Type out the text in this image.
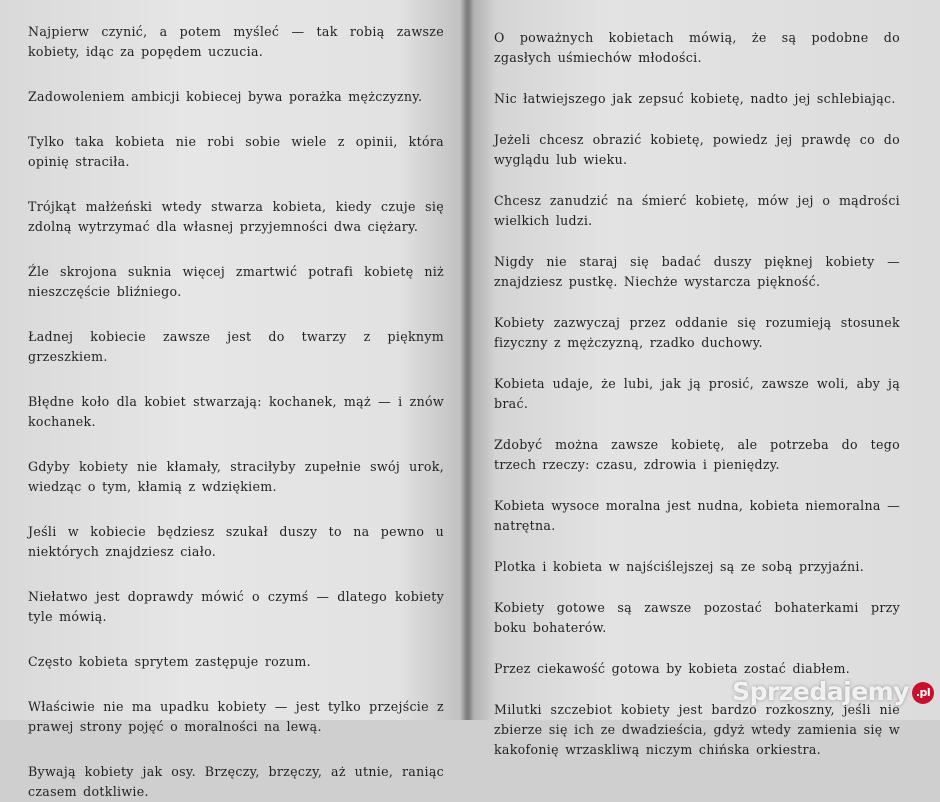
Najpierw czynić, a potem myśleć — tak robią zawsze kobiety, idąc za popędem uczucia.

Zadowoleniem ambicji kobiecej bywa porażka mężczyzny.

Tylko taka kobieta nie robi sobie wiele z opinii, która opinię straciła.

Trójkąt małżeński wtedy stwarza kobieta, kiedy czuje się zdolną wytrzymać dla własnej przyjemności dwa ciężary.

Źle skrojona suknia więcej zmartwić potrafi kobietę niż nieszczęście bliźniego.

Ładnej kobiecie zawsze jest do twarzy z pięknym grzeszkiem.

Błędne koło dla kobiet stwarzają: kochanek, mąż — i znów kochanek.

Gdyby kobiety nie kłamały, straciłyby zupełnie swój urok, wiedząc o tym, kłamią z wdziękiem.

Jeśli w kobiecie będziesz szukał duszy to na pewno u niektórych znajdziesz ciało.

Niełatwo jest doprawdy mówić o czymś — dlatego kobiety tyle mówią.

Często kobieta sprytem zastępuje rozum.

Właściwie nie ma upadku kobiety — jest tylko przejście z prawej strony pojęć o moralności na lewą.

Bywają kobiety jak osy. Brzęczy, brzęczy, aż utnie, raniąc czasem dotkliwie.

O poważnych kobietach mówią, że są podobne do zgasłych uśmiechów młodości.

Nic łatwiejszego jak zepsuć kobietę, nadto jej schlebiając.

Jeżeli chcesz obrazić kobietę, powiedz jej prawdę co do wyglądu lub wieku.

Chcesz zanudzić na śmierć kobietę, mów jej o mądrości wielkich ludzi.

Nigdy nie staraj się badać duszy pięknej kobiety — znajdziesz pustkę. Niechże wystarcza piękność.

Kobiety zazwyczaj przez oddanie się rozumieją stosunek fizyczny z mężczyzną, rzadko duchowy.

Kobieta udaje, że lubi, jak ją prosić, zawsze woli, aby ją brać.

Zdobyć można zawsze kobietę, ale potrzeba do tego trzech rzeczy: czasu, zdrowia i pieniędzy.

Kobieta wysoce moralna jest nudna, kobieta niemoralna — natrętna.

Plotka i kobieta w najściślejszej są ze sobą przyjaźni.

Kobiety gotowe są zawsze pozostać bohaterkami przy boku bohaterów.

Przez ciekawość gotowa by kobieta zostać diabłem.

Milutki szczebiot kobiety jest bardzo rozkoszny, jeśli nie zbierze się ich ze dwadzieścia, gdyż wtedy zamienia się w kakofonię wrzaskliwą niczym chińska orkiestra.

Sprzedajemy .pl
